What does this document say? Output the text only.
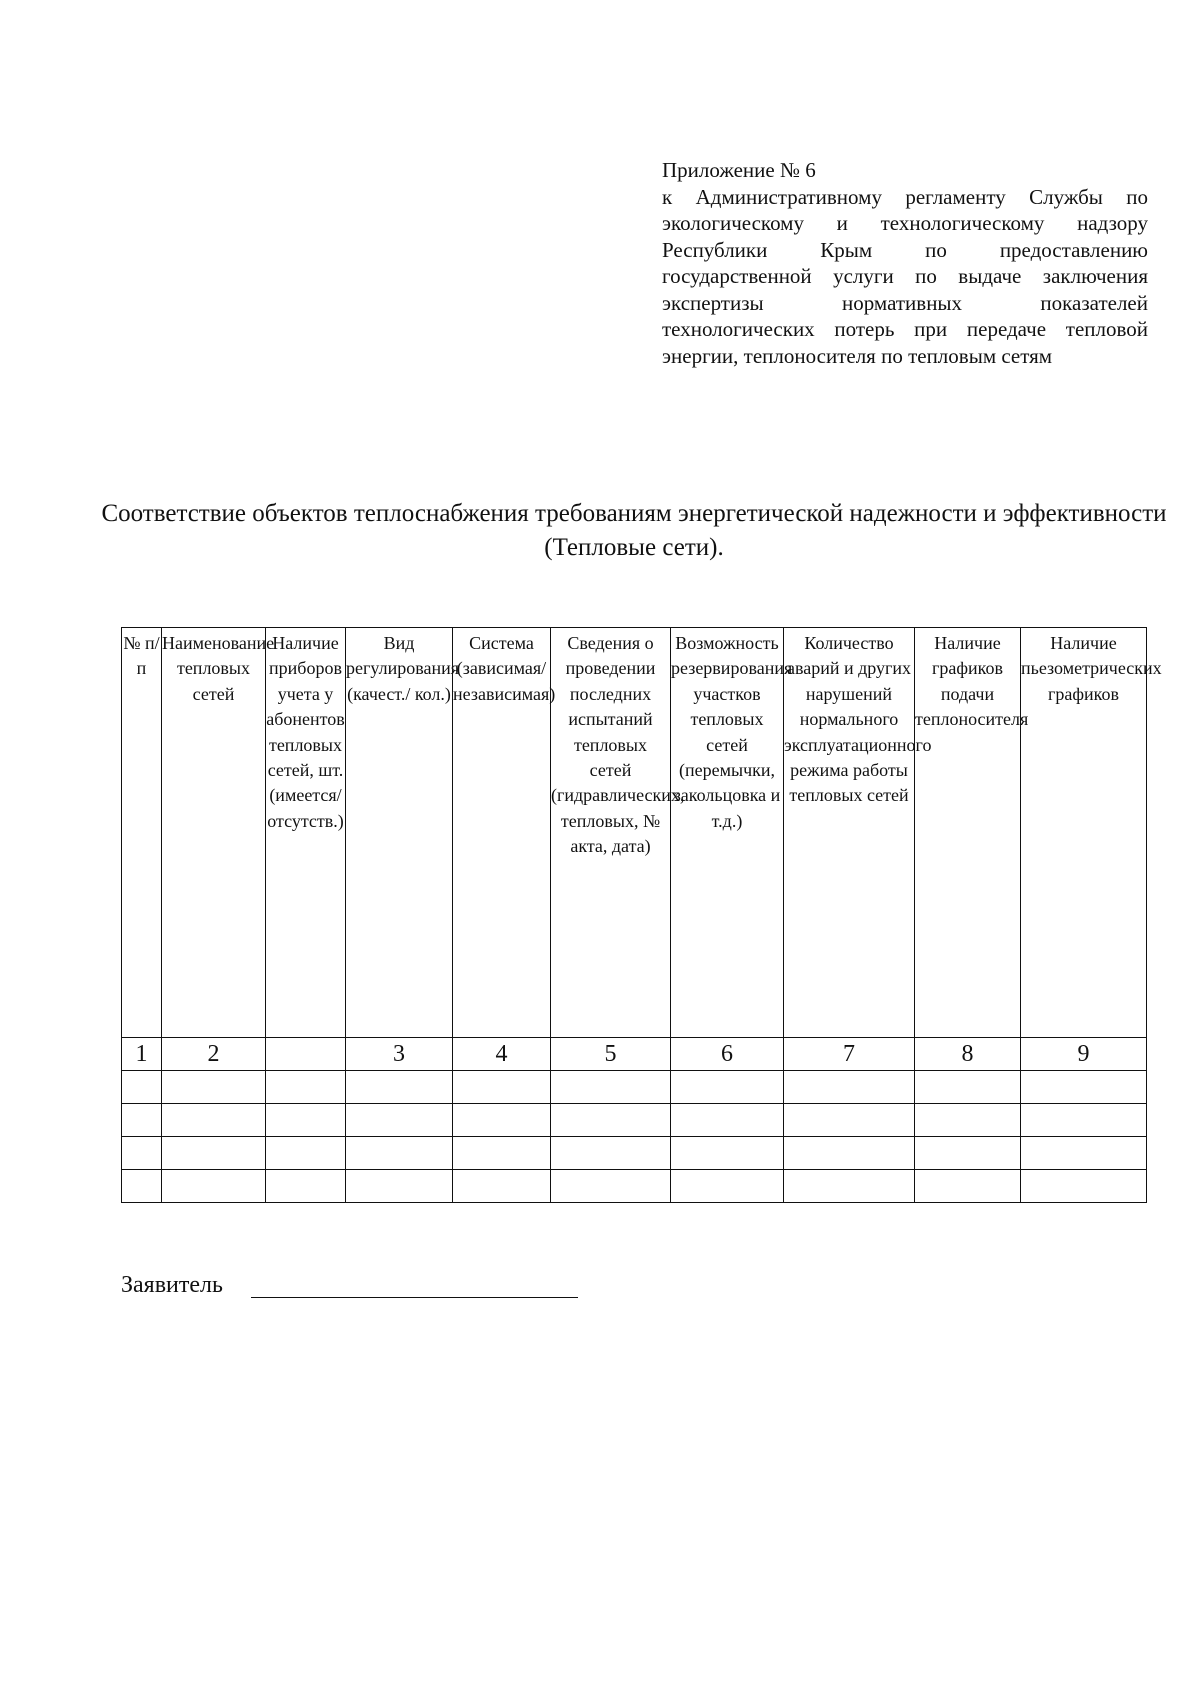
Приложение № 6
к Административному регламенту Службы по экологическому и технологическому надзору Республики Крым по предоставлению государственной услуги по выдаче заключения экспертизы нормативных показателей технологических потерь при передаче тепловой энергии, теплоносителя по тепловым сетям
Соответствие объектов теплоснабжения требованиям энергетической надежности и эффективности (Тепловые сети).
№ п/п	Наименование тепловых сетей	Наличие приборов учета у абонентов тепловых сетей, шт. (имеется/ отсутств.)	Вид регулирования (качест./ кол.)	Система (зависимая/ независимая)	Сведения о проведении последних испытаний тепловых сетей (гидравлических, тепловых, № акта, дата)	Возможность резервирования участков тепловых сетей (перемычки, закольцовка и т.д.)	Количество аварий и других нарушений нормального эксплуатационного режима работы тепловых сетей	Наличие графиков подачи теплоносителя	Наличие пьезометрических графиков
1	2		3	4	5	6	7	8	9

Заявитель
